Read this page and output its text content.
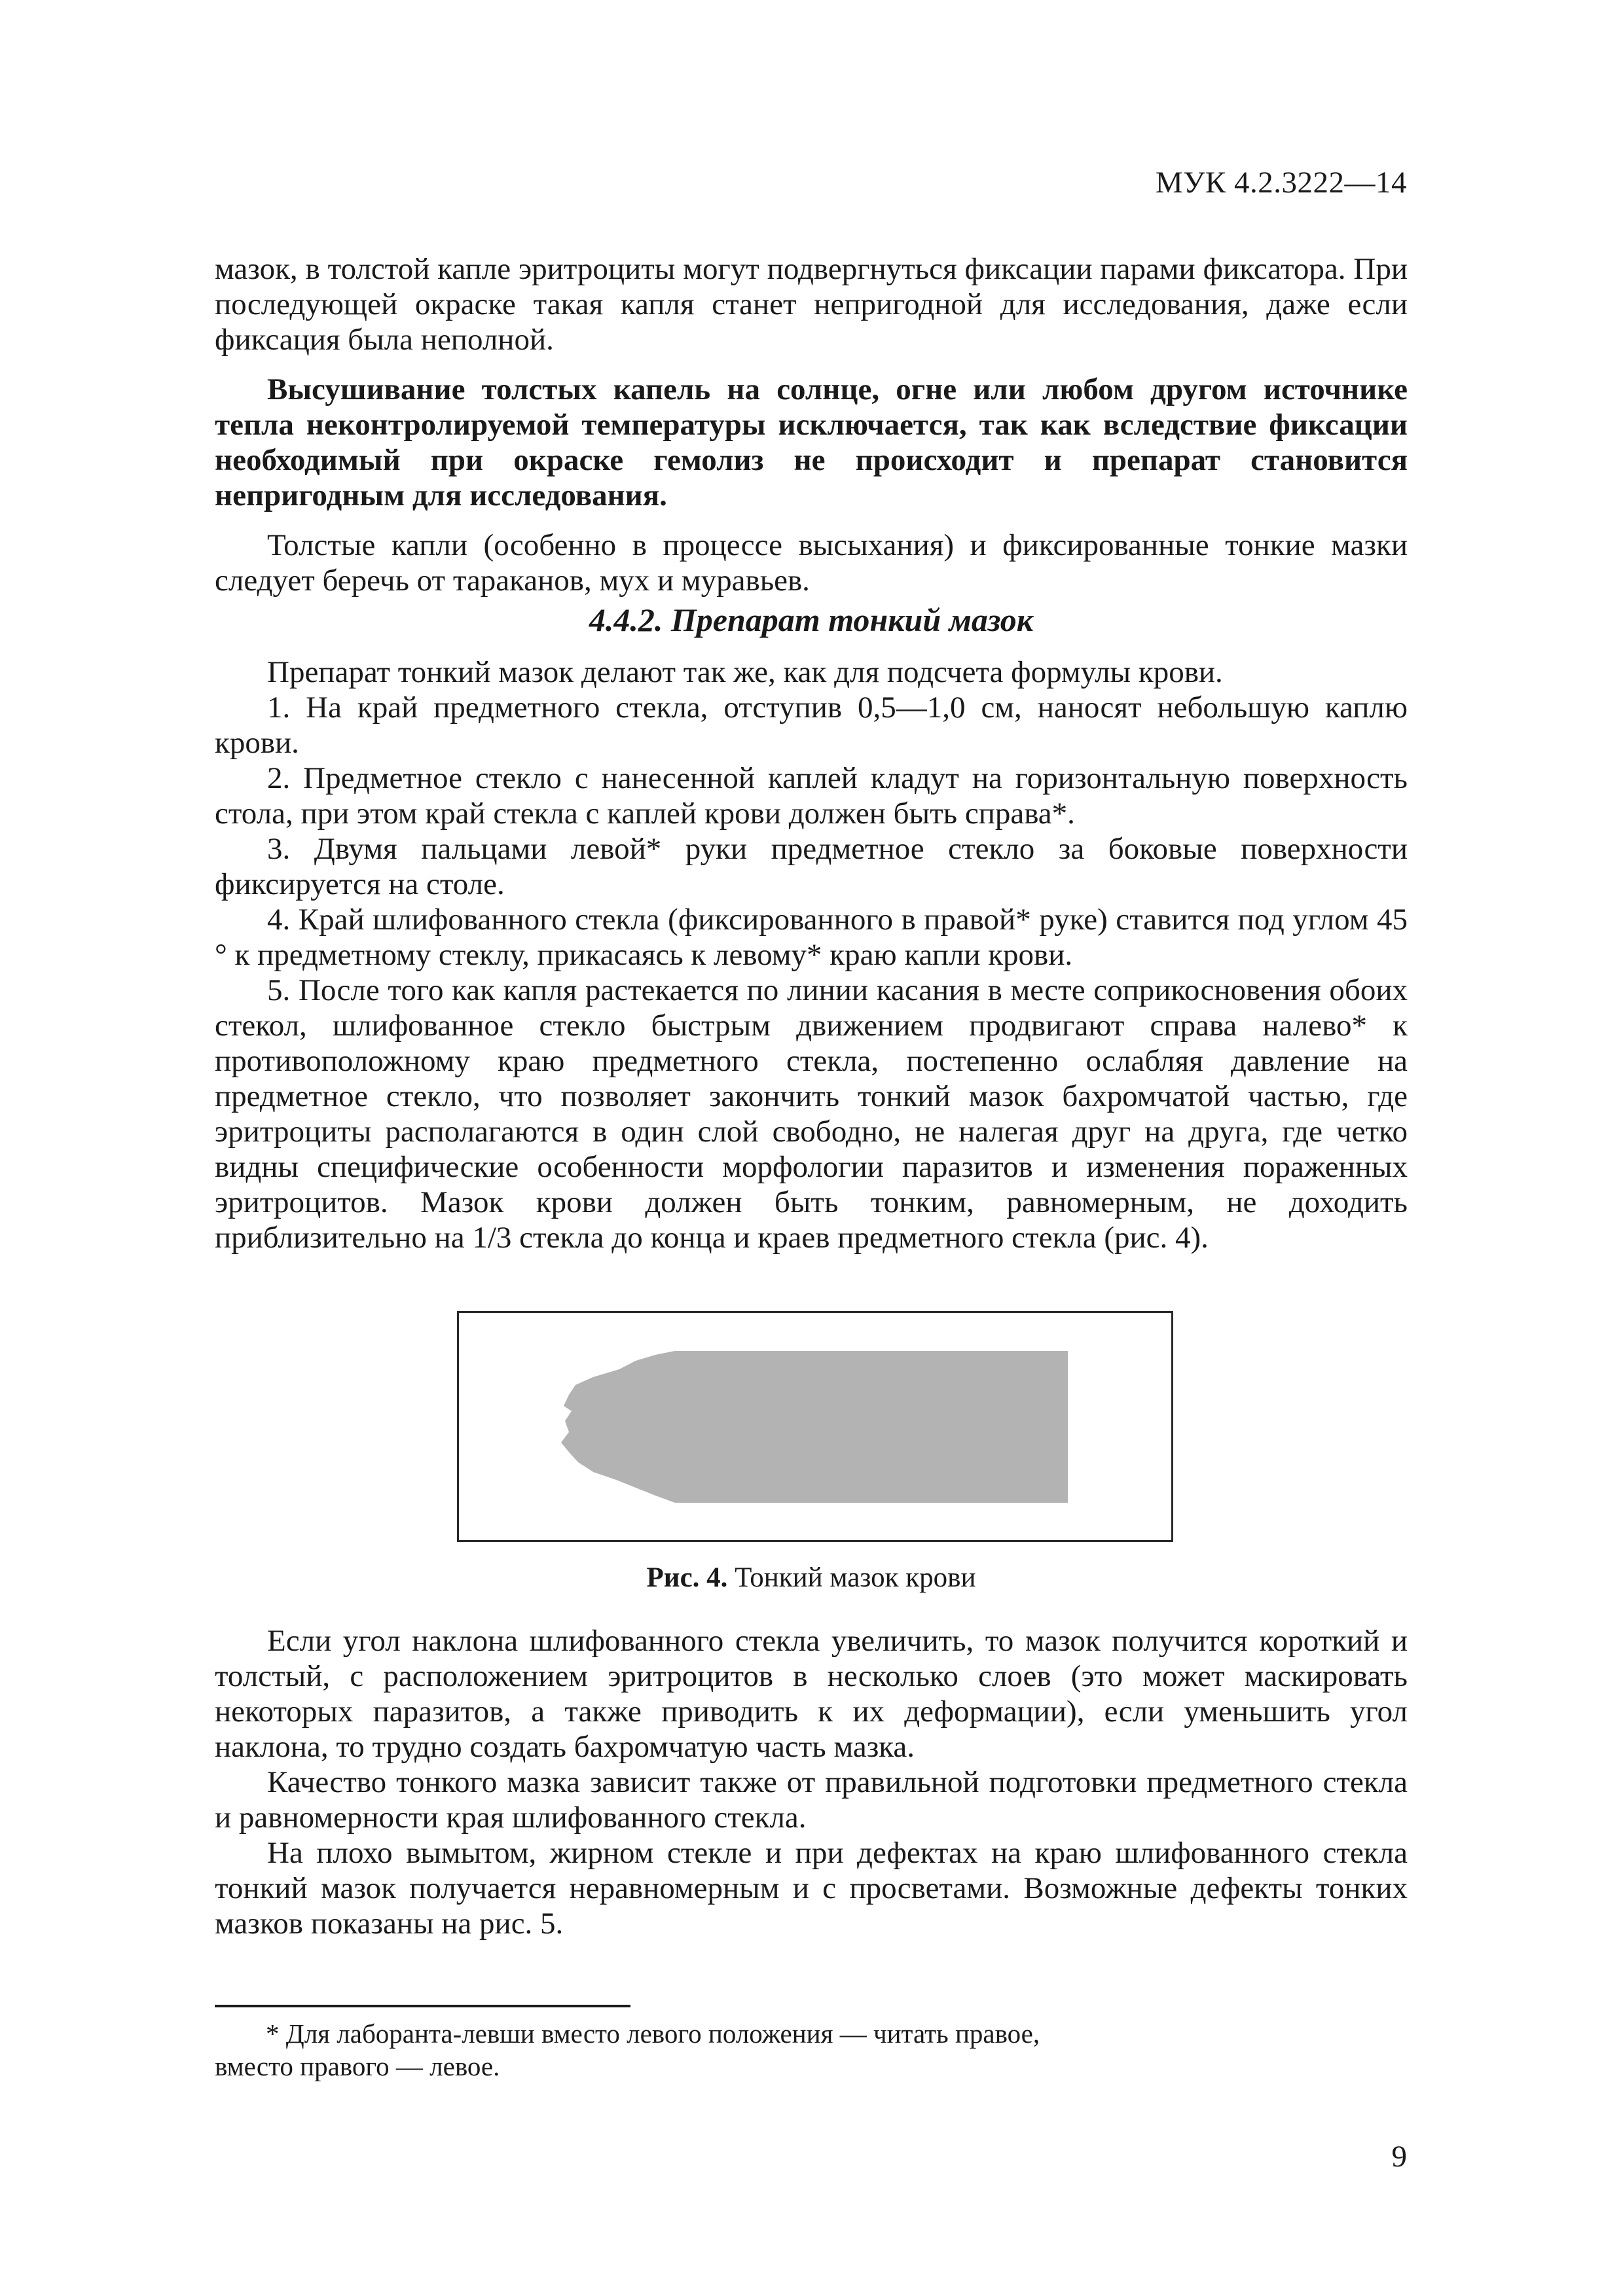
МУК 4.2.3222—14

мазок, в толстой капле эритроциты могут подвергнуться фиксации парами фиксатора. При последующей окраске такая капля станет непригодной для исследования, даже если фиксация была неполной.

Высушивание толстых капель на солнце, огне или любом другом источнике тепла неконтролируемой температуры исключается, так как вследствие фиксации необходимый при окраске гемолиз не происходит и препарат становится непригодным для исследования.

Толстые капли (особенно в процессе высыхания) и фиксированные тонкие мазки следует беречь от тараканов, мух и муравьев.

4.4.2. Препарат тонкий мазок

Препарат тонкий мазок делают так же, как для подсчета формулы крови.

1. На край предметного стекла, отступив 0,5—1,0 см, наносят небольшую каплю крови.

2. Предметное стекло с нанесенной каплей кладут на горизонтальную поверхность стола, при этом край стекла с каплей крови должен быть справа*.

3. Двумя пальцами левой* руки предметное стекло за боковые поверхности фиксируется на столе.

4. Край шлифованного стекла (фиксированного в правой* руке) ставится под углом 45 ° к предметному стеклу, прикасаясь к левому* краю капли крови.

5. После того как капля растекается по линии касания в месте соприкосновения обоих стекол, шлифованное стекло быстрым движением продвигают справа налево* к противоположному краю предметного стекла, постепенно ослабляя давление на предметное стекло, что позволяет закончить тонкий мазок бахромчатой частью, где эритроциты располагаются в один слой свободно, не налегая друг на друга, где четко видны специфические особенности морфологии паразитов и изменения пораженных эритроцитов. Мазок крови должен быть тонким, равномерным, не доходить приблизительно на 1/3 стекла до конца и краев предметного стекла (рис. 4).

Рис. 4. Тонкий мазок крови

Если угол наклона шлифованного стекла увеличить, то мазок получится короткий и толстый, с расположением эритроцитов в несколько слоев (это может маскировать некоторых паразитов, а также приводить к их деформации), если уменьшить угол наклона, то трудно создать бахромчатую часть мазка.

Качество тонкого мазка зависит также от правильной подготовки предметного стекла и равномерности края шлифованного стекла.

На плохо вымытом, жирном стекле и при дефектах на краю шлифованного стекла тонкий мазок получается неравномерным и с просветами. Возможные дефекты тонких мазков показаны на рис. 5.

* Для лаборанта-левши вместо левого положения — читать правое,

вместо правого — левое.

9
